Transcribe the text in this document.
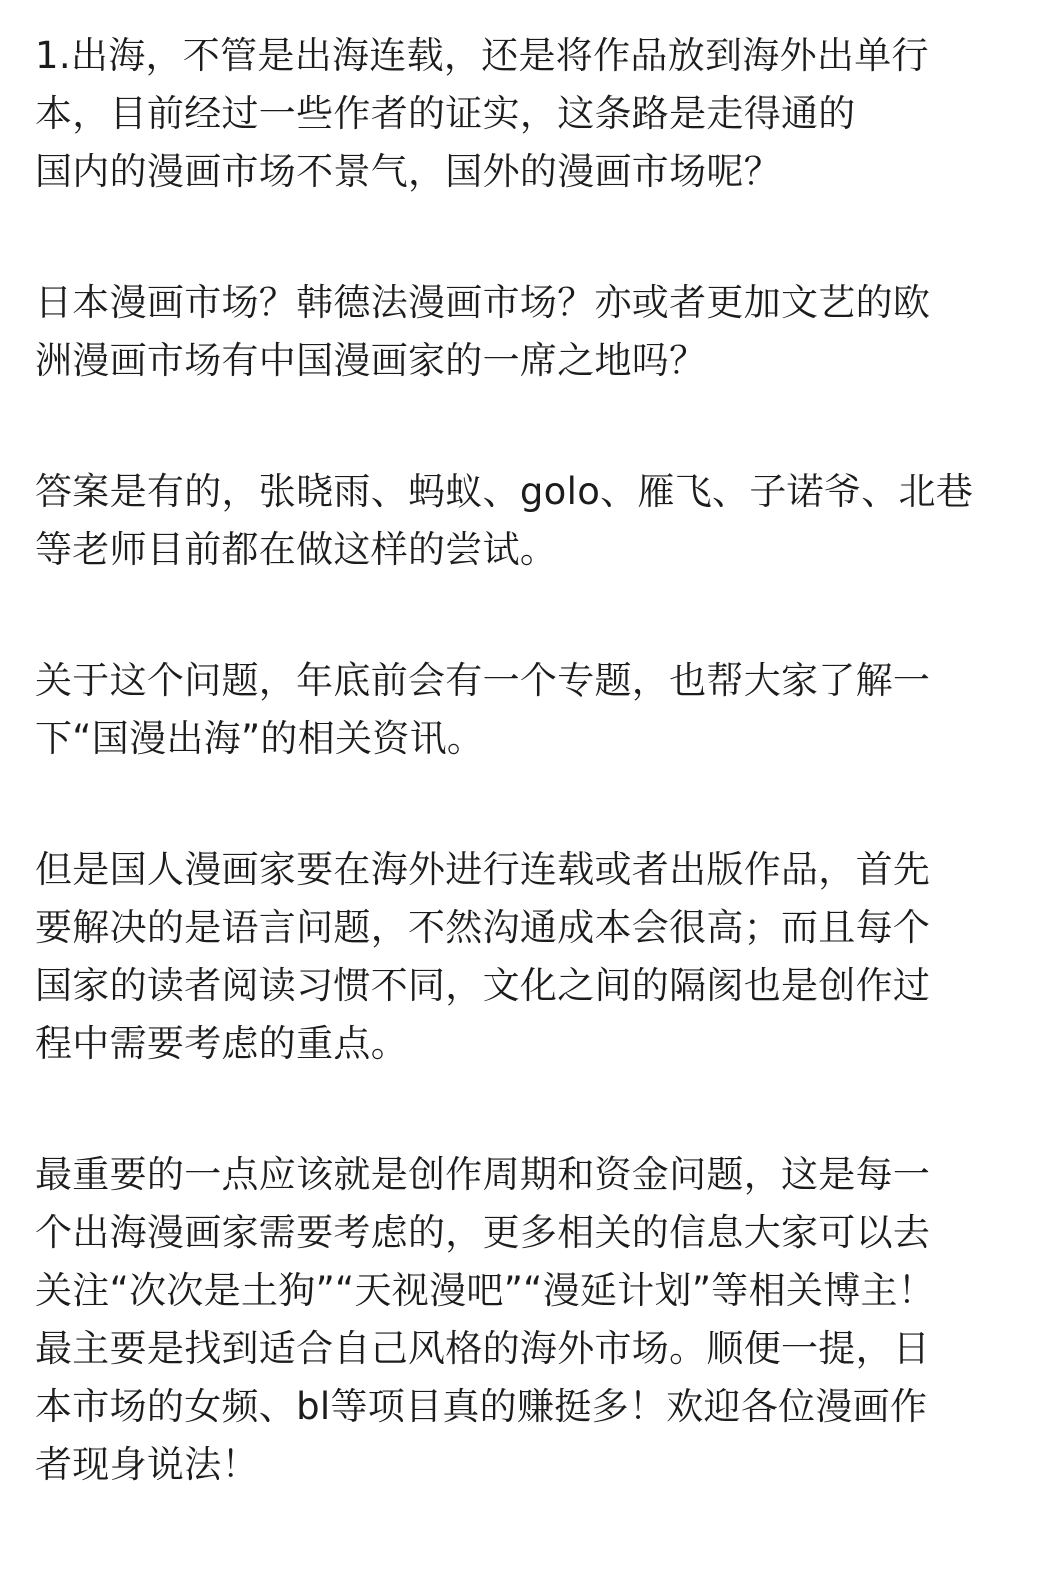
1.出海，不管是出海连载，还是将作品放到海外出单行
本，目前经过一些作者的证实，这条路是走得通的
国内的漫画市场不景气，国外的漫画市场呢？
日本漫画市场？韩德法漫画市场？亦或者更加文艺的欧
洲漫画市场有中国漫画家的一席之地吗？
答案是有的，张晓雨、蚂蚁、golo、雁飞、子诺爷、北巷
等老师目前都在做这样的尝试。
关于这个问题，年底前会有一个专题，也帮大家了解一
下“国漫出海”的相关资讯。
但是国人漫画家要在海外进行连载或者出版作品，首先
要解决的是语言问题，不然沟通成本会很高；而且每个
国家的读者阅读习惯不同，文化之间的隔阂也是创作过
程中需要考虑的重点。
最重要的一点应该就是创作周期和资金问题，这是每一
个出海漫画家需要考虑的，更多相关的信息大家可以去
关注“次次是土狗”“天视漫吧”“漫延计划”等相关博主！
最主要是找到适合自己风格的海外市场。顺便一提，日
本市场的女频、bl等项目真的赚挺多！欢迎各位漫画作
者现身说法！
